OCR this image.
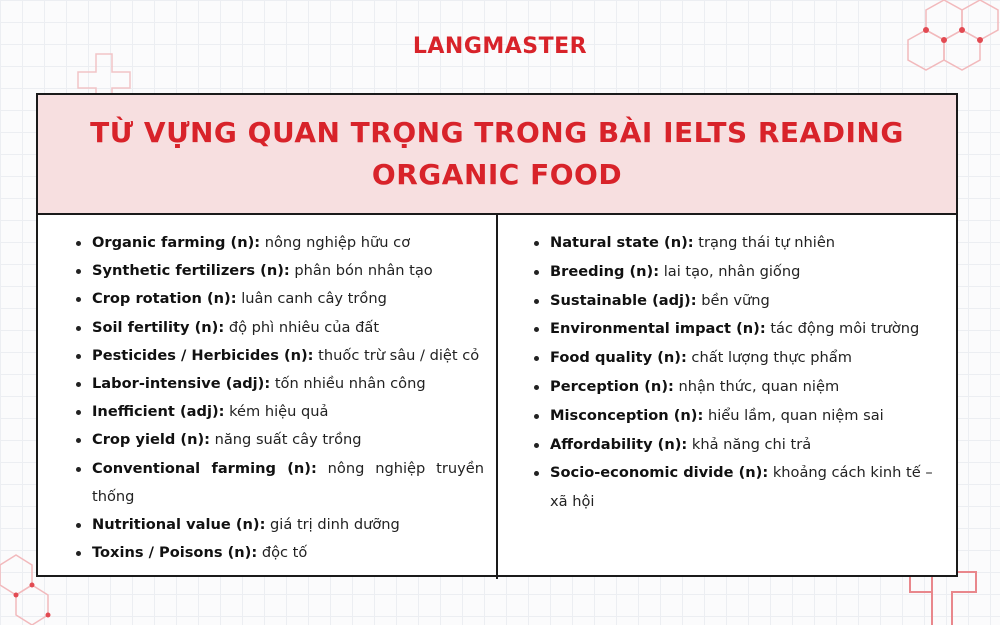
LANGMASTER
TỪ VỰNG QUAN TRỌNG TRONG BÀI IELTS READING
ORGANIC FOOD
Organic farming (n): nông nghiệp hữu cơ
Synthetic fertilizers (n): phân bón nhân tạo
Crop rotation (n): luân canh cây trồng
Soil fertility (n): độ phì nhiêu của đất
Pesticides / Herbicides (n): thuốc trừ sâu / diệt cỏ
Labor-intensive (adj): tốn nhiều nhân công
Inefficient (adj): kém hiệu quả
Crop yield (n): năng suất cây trồng
Conventional farming (n): nông nghiệp truyền thống
Nutritional value (n): giá trị dinh dưỡng
Toxins / Poisons (n): độc tố
Natural state (n): trạng thái tự nhiên
Breeding (n): lai tạo, nhân giống
Sustainable (adj): bền vững
Environmental impact (n): tác động môi trường
Food quality (n): chất lượng thực phẩm
Perception (n): nhận thức, quan niệm
Misconception (n): hiểu lầm, quan niệm sai
Affordability (n): khả năng chi trả
Socio-economic divide (n): khoảng cách kinh tế – xã hội
